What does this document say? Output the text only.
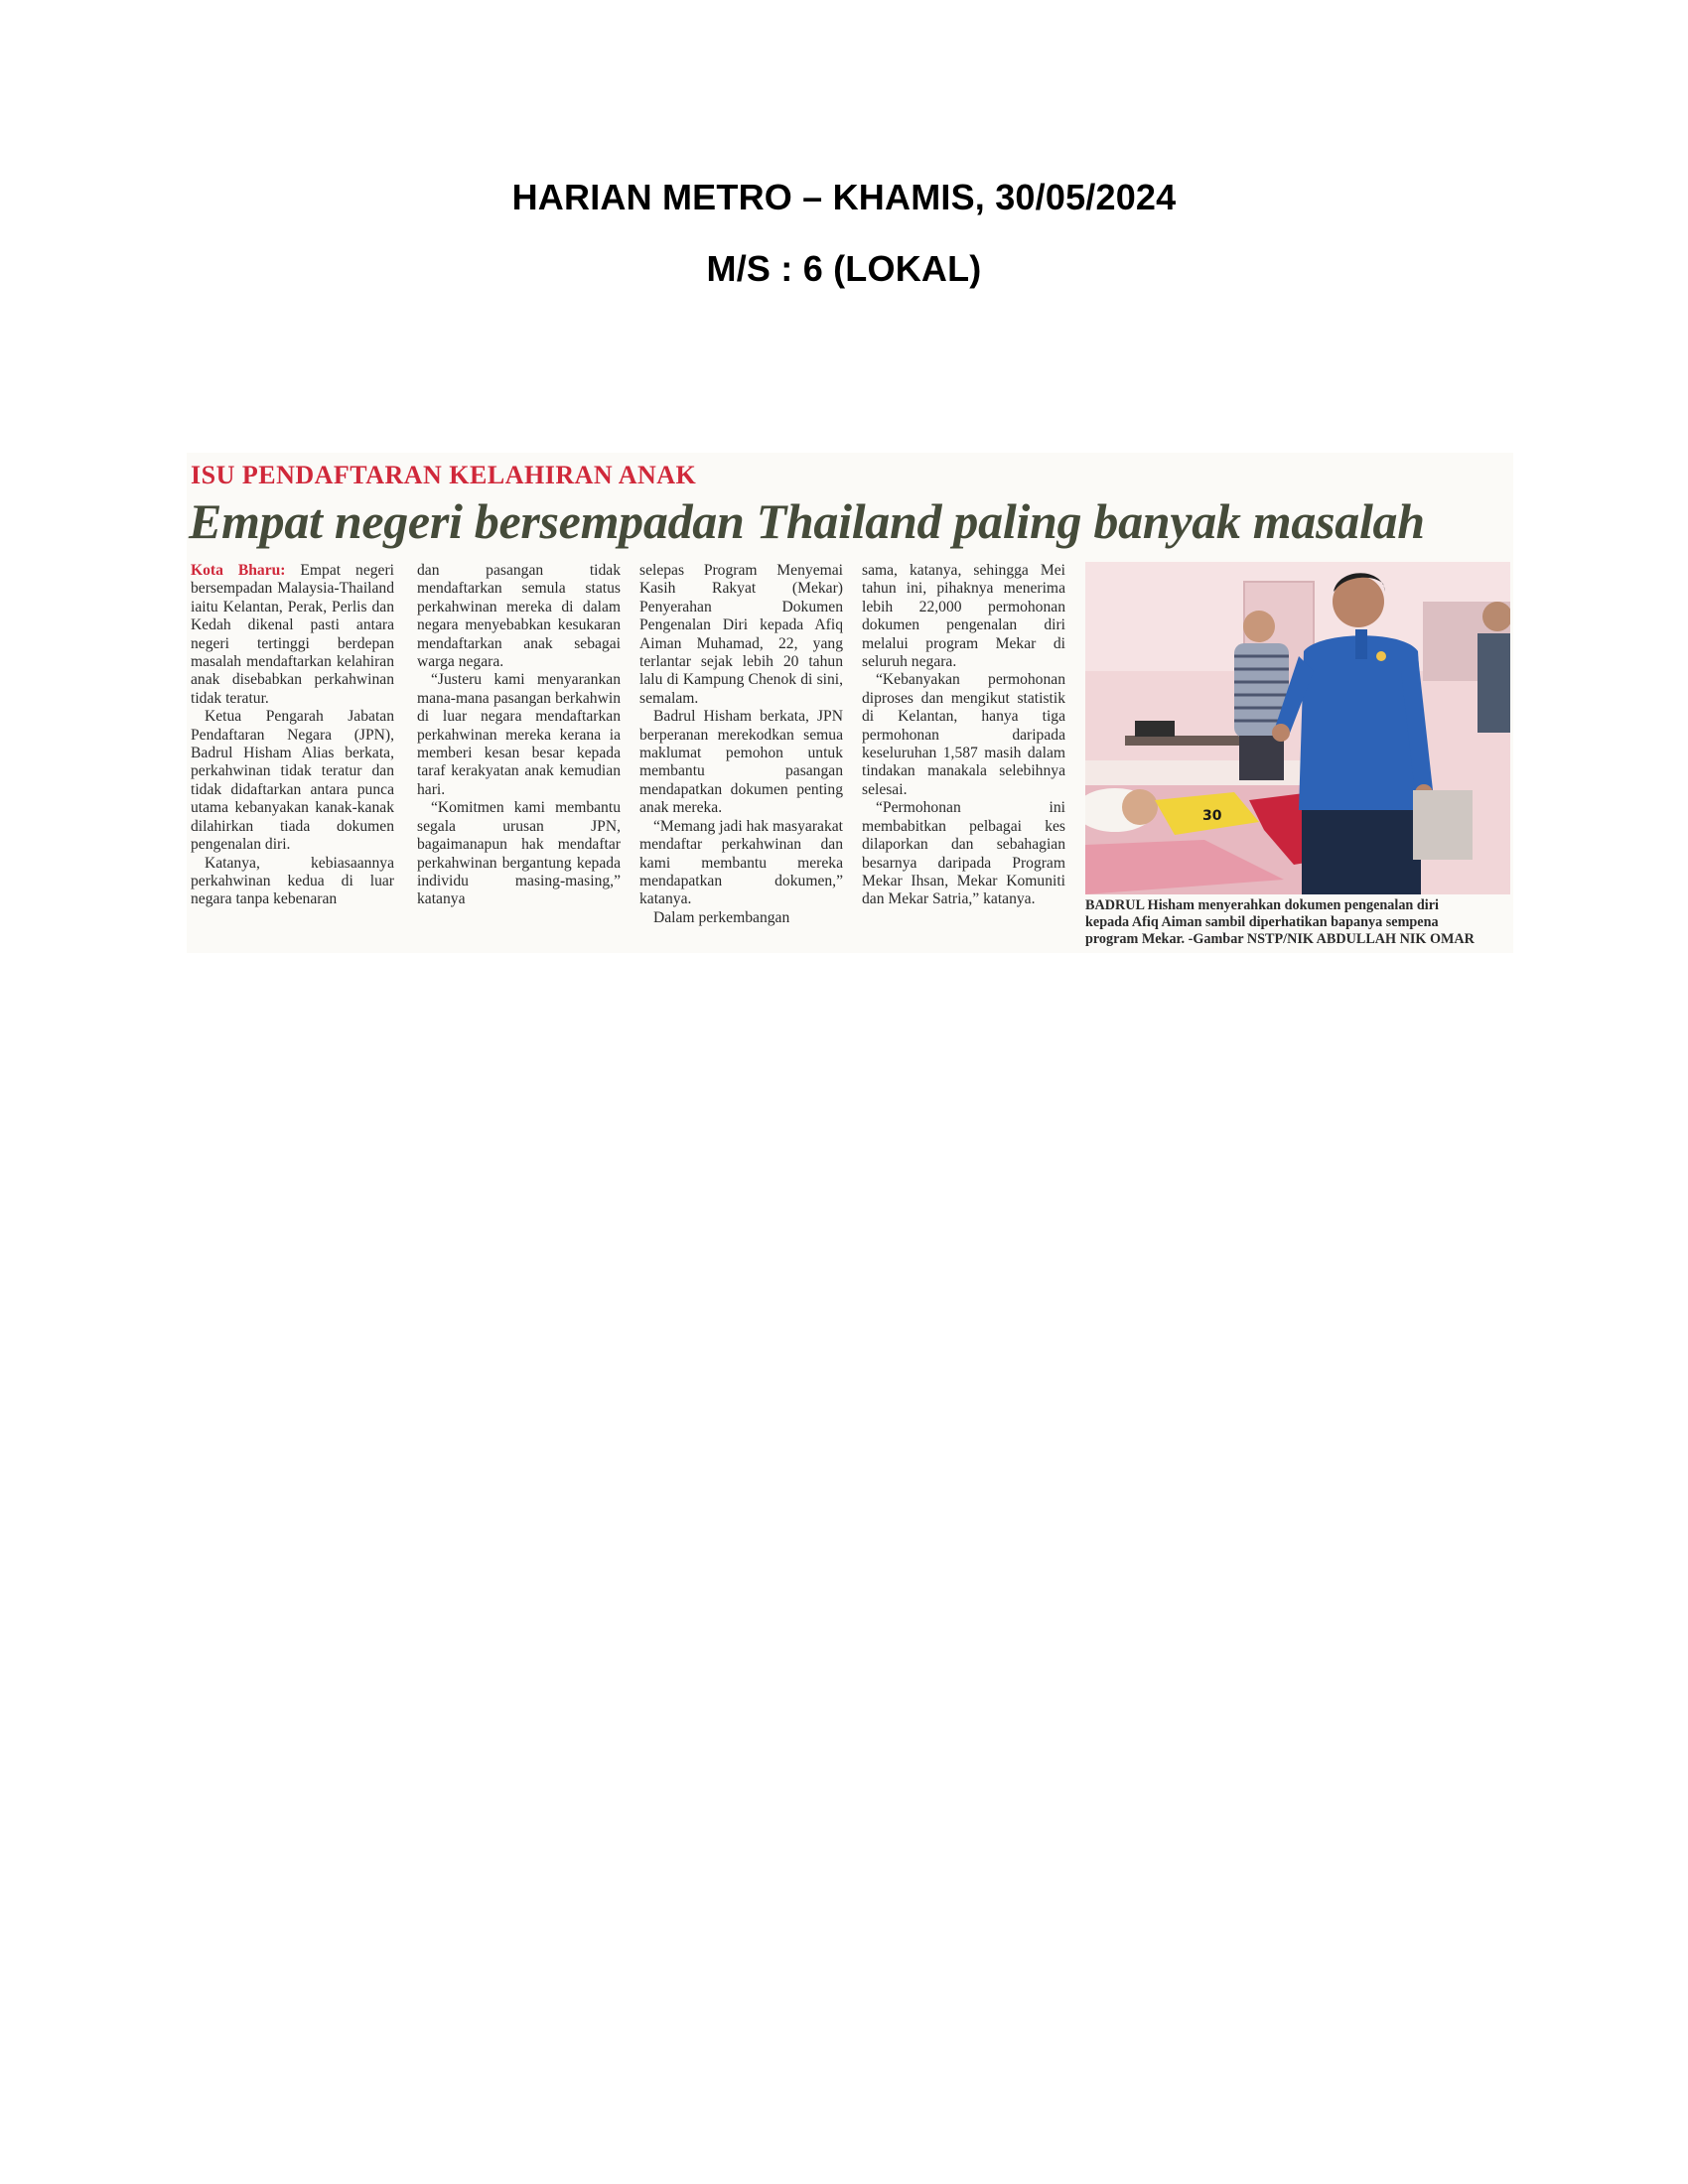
HARIAN METRO – KHAMIS, 30/05/2024
M/S : 6 (LOKAL)
ISU PENDAFTARAN KELAHIRAN ANAK
Empat negeri bersempadan Thailand paling banyak masalah

Kota Bharu: Empat negeri bersempadan Malaysia-Thailand iaitu Kelantan, Perak, Perlis dan Kedah dikenal pasti antara negeri tertinggi berdepan masalah mendaftarkan kelahiran anak disebabkan perkahwinan tidak teratur.

Ketua Pengarah Jabatan Pendaftaran Negara (JPN), Badrul Hisham Alias berkata, perkahwinan tidak teratur dan tidak didaftarkan antara punca utama kebanyakan kanak-kanak dilahirkan tiada dokumen pengenalan diri.

Katanya, kebiasaannya perkahwinan kedua di luar negara tanpa kebenaran

dan pasangan tidak mendaftarkan semula status perkahwinan mereka di dalam negara menyebabkan kesukaran mendaftarkan anak sebagai warga negara.

“Justeru kami menyarankan mana-mana pasangan berkahwin di luar negara mendaftarkan perkahwinan mereka kerana ia memberi kesan besar kepada taraf kerakyatan anak kemudian hari.

“Komitmen kami membantu segala urusan JPN, bagaimanapun hak mendaftar perkahwinan bergantung kepada individu masing-masing,” katanya

selepas Program Menyemai Kasih Rakyat (Mekar) Penyerahan Dokumen Pengenalan Diri kepada Afiq Aiman Muhamad, 22, yang terlantar sejak lebih 20 tahun lalu di Kampung Chenok di sini, semalam.

Badrul Hisham berkata, JPN berperanan merekodkan semua maklumat pemohon untuk membantu pasangan mendapatkan dokumen penting anak mereka.

“Memang jadi hak masyarakat mendaftar perkahwinan dan kami membantu mereka mendapatkan dokumen,” katanya.

Dalam perkembangan

sama, katanya, sehingga Mei tahun ini, pihaknya menerima lebih 22,000 permohonan dokumen pengenalan diri melalui program Mekar di seluruh negara.

“Kebanyakan permohonan diproses dan mengikut statistik di Kelantan, hanya tiga permohonan daripada keseluruhan 1,587 masih dalam tindakan manakala selebihnya selesai.

“Permohonan ini membabitkan pelbagai kes dilaporkan dan sebahagian besarnya daripada Program Mekar Ihsan, Mekar Komuniti dan Mekar Satria,” katanya.

30
BADRUL Hisham menyerahkan dokumen pengenalan diri
kepada Afiq Aiman sambil diperhatikan bapanya sempena
program Mekar. -Gambar NSTP/NIK ABDULLAH NIK OMAR
